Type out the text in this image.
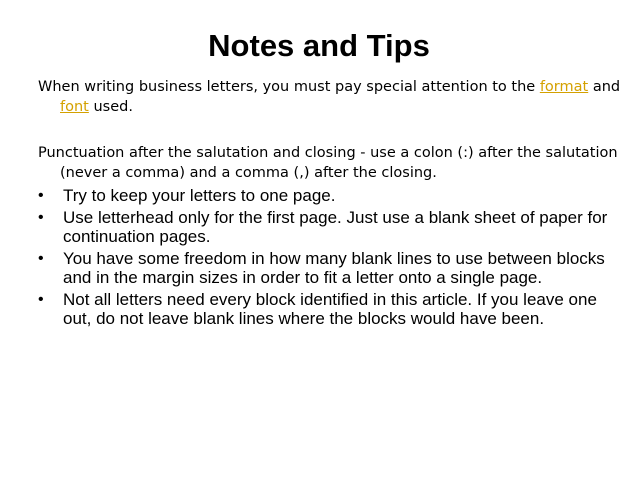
Notes and Tips
When writing business letters, you must pay special attention to the format and font used.
Punctuation after the salutation and closing - use a colon (:) after the salutation (never a comma) and a comma (,) after the closing.
• Try to keep your letters to one page.
• Use letterhead only for the first page. Just use a blank sheet of paper for continuation pages.
• You have some freedom in how many blank lines to use between blocks and in the margin sizes in order to fit a letter onto a single page.
• Not all letters need every block identified in this article. If you leave one out, do not leave blank lines where the blocks would have been.
